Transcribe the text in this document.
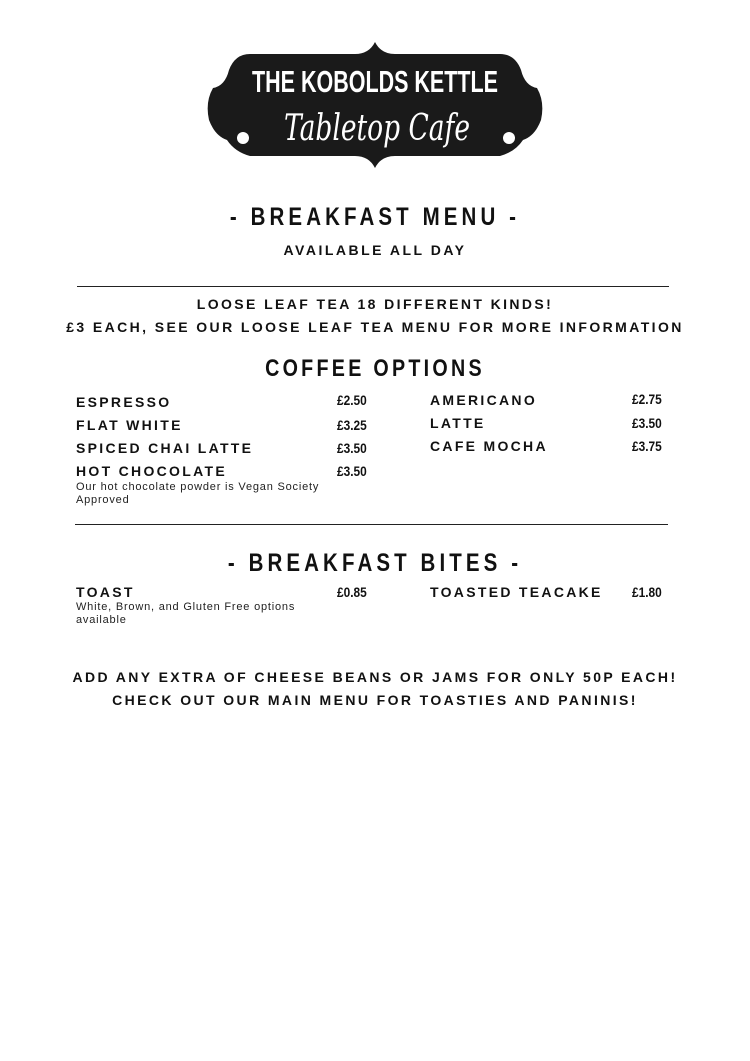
THE KOBOLDS KETTLE
Tabletop Cafe
- BREAKFAST MENU -
AVAILABLE ALL DAY
LOOSE LEAF TEA 18 DIFFERENT KINDS!
£3 EACH, SEE OUR LOOSE LEAF TEA MENU FOR MORE INFORMATION
COFFEE OPTIONS
ESPRESSO	£2.50
FLAT WHITE	£3.25
SPICED CHAI LATTE	£3.50
HOT CHOCOLATE	£3.50
Our hot chocolate powder is Vegan Society Approved
AMERICANO	£2.75
LATTE	£3.50
CAFE MOCHA	£3.75
- BREAKFAST BITES -
TOAST	£0.85
White, Brown, and Gluten Free options available
TOASTED TEACAKE £1.80
ADD ANY EXTRA OF CHEESE BEANS OR JAMS FOR ONLY 50P EACH!
CHECK OUT OUR MAIN MENU FOR TOASTIES AND PANINIS!
